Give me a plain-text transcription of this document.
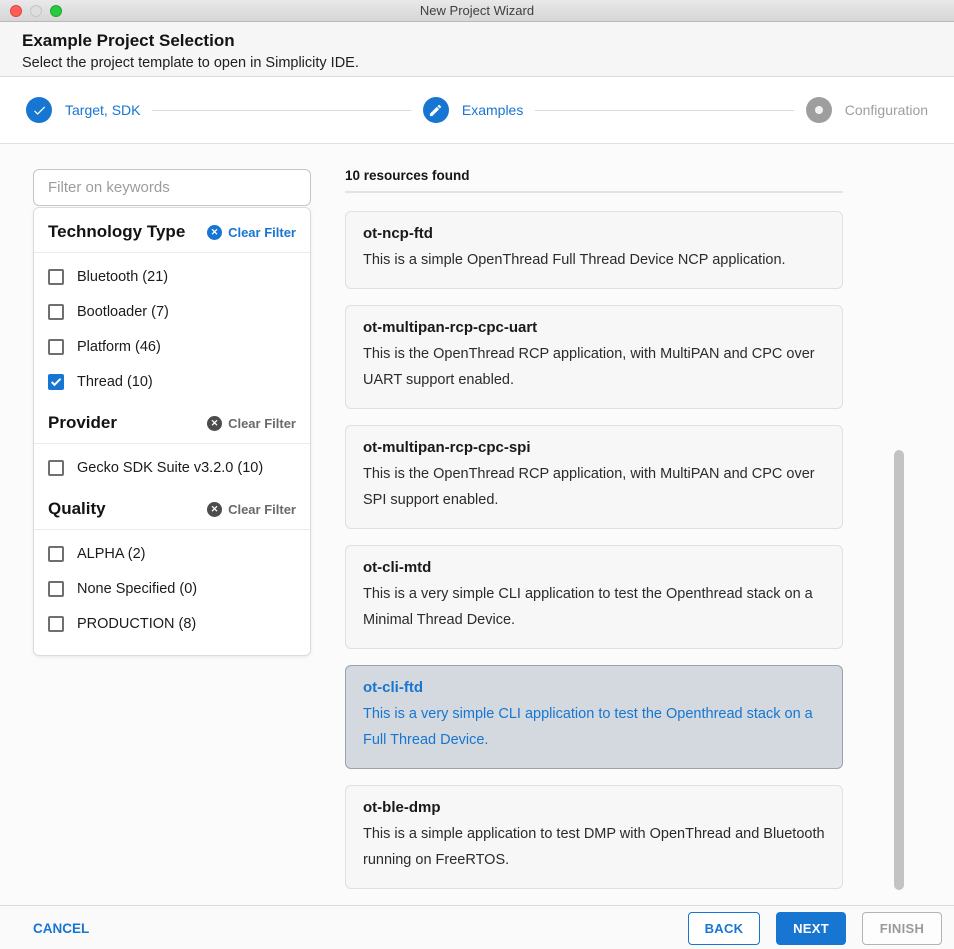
New Project Wizard
Example Project Selection
Select the project template to open in Simplicity IDE.
Target, SDK	Examples	Configuration
Filter on keywords
Technology Type	✕ Clear Filter
Bluetooth (21)
Bootloader (7)
Platform (46)
Thread (10)
Provider	✕ Clear Filter
Gecko SDK Suite v3.2.0 (10)
Quality	✕ Clear Filter
ALPHA (2)
None Specified (0)
PRODUCTION (8)
10 resources found
ot-ncp-ftd
This is a simple OpenThread Full Thread Device NCP application.
ot-multipan-rcp-cpc-uart
This is the OpenThread RCP application, with MultiPAN and CPC over UART support enabled.
ot-multipan-rcp-cpc-spi
This is the OpenThread RCP application, with MultiPAN and CPC over SPI support enabled.
ot-cli-mtd
This is a very simple CLI application to test the Openthread stack on a Minimal Thread Device.
ot-cli-ftd
This is a very simple CLI application to test the Openthread stack on a Full Thread Device.
ot-ble-dmp
This is a simple application to test DMP with OpenThread and Bluetooth running on FreeRTOS.
CANCEL	BACK	NEXT	FINISH
